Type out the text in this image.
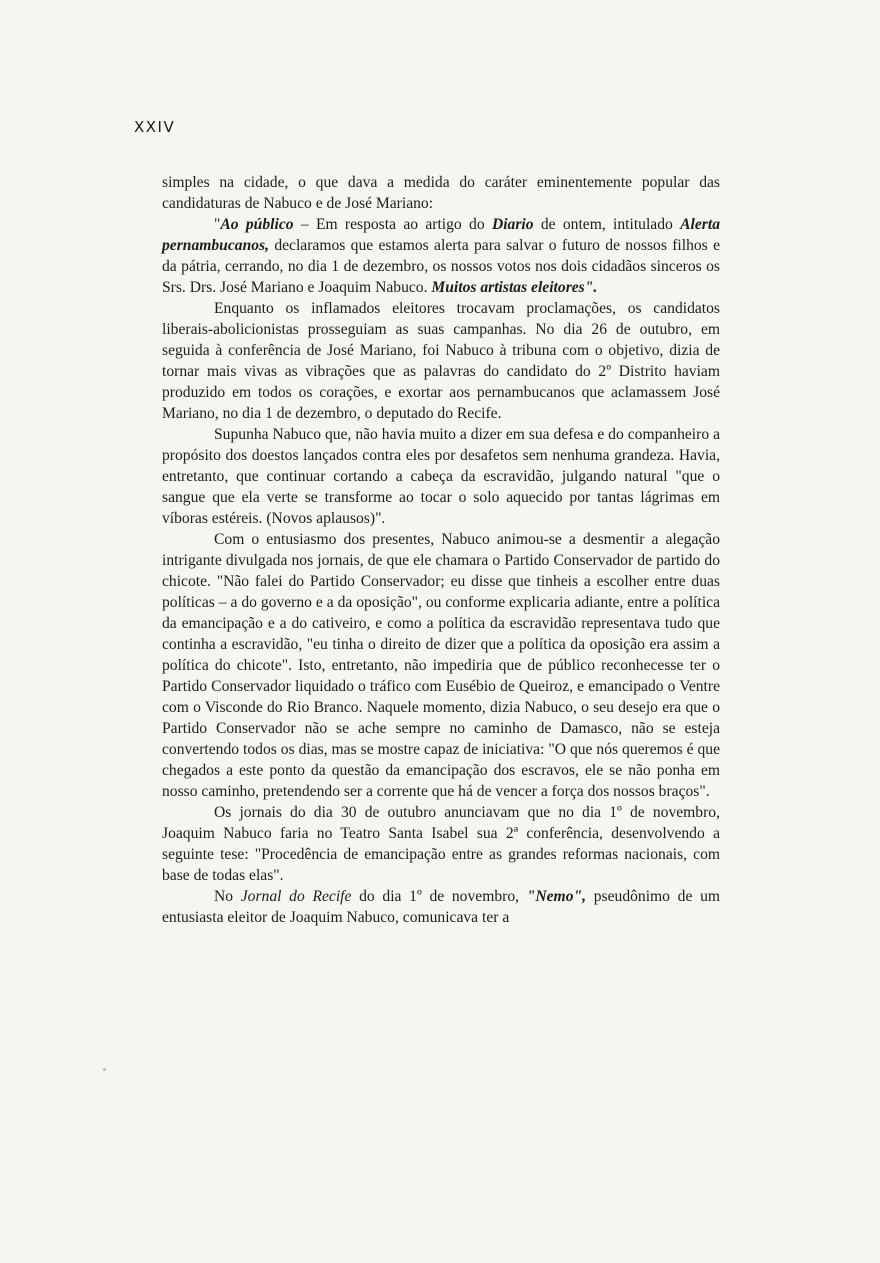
XXIV

simples na cidade, o que dava a medida do caráter eminentemente popular das candidaturas de Nabuco e de José Mariano:

"Ao público – Em resposta ao artigo do Diario de ontem, intitulado Alerta pernambucanos, declaramos que estamos alerta para salvar o futuro de nossos filhos e da pátria, cerrando, no dia 1 de dezembro, os nossos votos nos dois cidadãos sinceros os Srs. Drs. José Mariano e Joaquim Nabuco. Muitos artistas eleitores".

Enquanto os inflamados eleitores trocavam proclamações, os candidatos liberais-abolicionistas prosseguiam as suas campanhas. No dia 26 de outubro, em seguida à conferência de José Mariano, foi Nabuco à tribuna com o objetivo, dizia de tornar mais vivas as vibrações que as palavras do candidato do 2º Distrito haviam produzido em todos os corações, e exortar aos pernambucanos que aclamassem José Mariano, no dia 1 de dezembro, o deputado do Recife.

Supunha Nabuco que, não havia muito a dizer em sua defesa e do companheiro a propósito dos doestos lançados contra eles por desafetos sem nenhuma grandeza. Havia, entretanto, que continuar cortando a cabeça da escravidão, julgando natural "que o sangue que ela verte se transforme ao tocar o solo aquecido por tantas lágrimas em víboras estéreis. (Novos aplausos)".

Com o entusiasmo dos presentes, Nabuco animou-se a desmentir a alegação intrigante divulgada nos jornais, de que ele chamara o Partido Conservador de partido do chicote. "Não falei do Partido Conservador; eu disse que tinheis a escolher entre duas políticas – a do governo e a da oposição", ou conforme explicaria adiante, entre a política da emancipação e a do cativeiro, e como a política da escravidão representava tudo que continha a escravidão, "eu tinha o direito de dizer que a política da oposição era assim a política do chicote". Isto, entretanto, não impediria que de público reconhecesse ter o Partido Conservador liquidado o tráfico com Eusébio de Queiroz, e emancipado o Ventre com o Visconde do Rio Branco. Naquele momento, dizia Nabuco, o seu desejo era que o Partido Conservador não se ache sempre no caminho de Damasco, não se esteja convertendo todos os dias, mas se mostre capaz de iniciativa: "O que nós queremos é que chegados a este ponto da questão da emancipação dos escravos, ele se não ponha em nosso caminho, pretendendo ser a corrente que há de vencer a força dos nossos braços".

Os jornais do dia 30 de outubro anunciavam que no dia 1º de novembro, Joaquim Nabuco faria no Teatro Santa Isabel sua 2ª conferência, desenvolvendo a seguinte tese: "Procedência de emancipação entre as grandes reformas nacionais, com base de todas elas".

No Jornal do Recife do dia 1º de novembro, "Nemo", pseudônimo de um entusiasta eleitor de Joaquim Nabuco, comunicava ter a
